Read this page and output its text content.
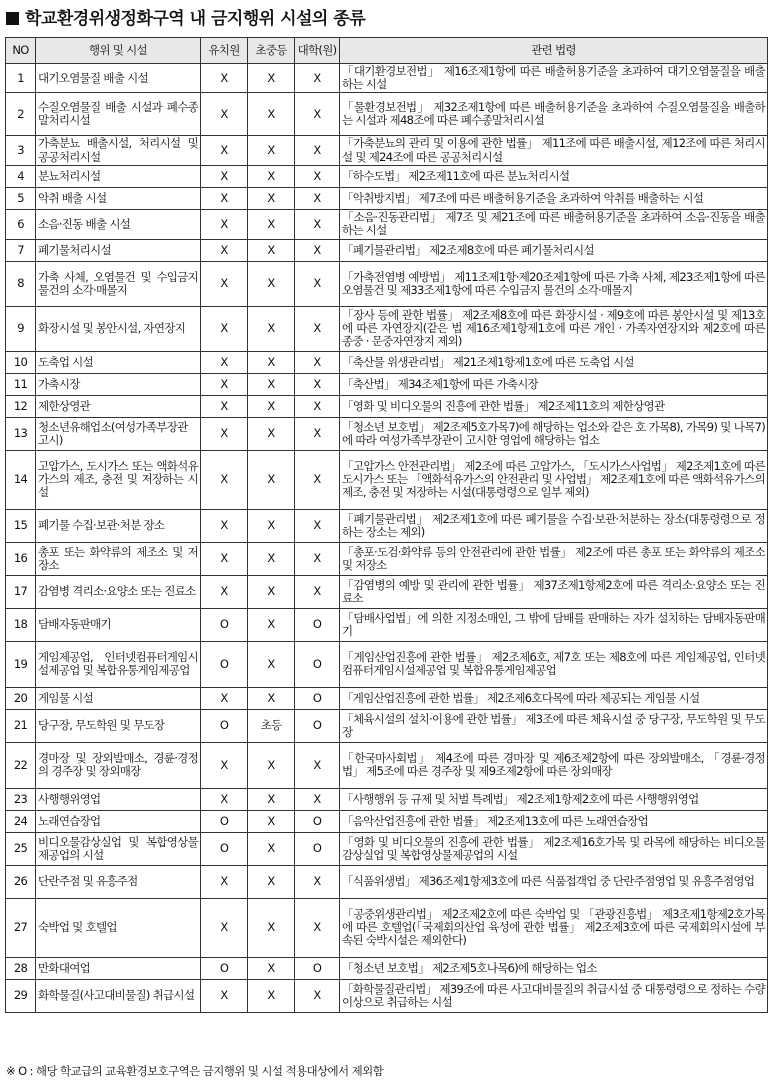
학교환경위생정화구역 내 금지행위 시설의 종류
NO	행위 및 시설	유치원	초중등	대학(원)	관련 법령
1	대기오염물질 배출 시설	X	X	X	「대기환경보전법」 제16조제1항에 따른 배출허용기준을 초과하여 대기오염물질을 배출하는 시설
2	수질오염물질 배출 시설과 폐수종말처리시설	X	X	X	「물환경보전법」 제32조제1항에 따른 배출허용기준을 초과하여 수질오염물질을 배출하는 시설과 제48조에 따른 폐수종말처리시설
3	가축분뇨 배출시설, 처리시설 및 공공처리시설	X	X	X	「가축분뇨의 관리 및 이용에 관한 법률」 제11조에 따른 배출시설, 제12조에 따른 처리시설 및 제24조에 따른 공공처리시설
4	분뇨처리시설	X	X	X	「하수도법」 제2조제11호에 따른 분뇨처리시설
5	악취 배출 시설	X	X	X	「악취방지법」 제7조에 따른 배출허용기준을 초과하여 악취를 배출하는 시설
6	소음·진동 배출 시설	X	X	X	「소음·진동관리법」 제7조 및 제21조에 따른 배출허용기준을 초과하여 소음·진동을 배출하는 시설
7	폐기물처리시설	X	X	X	「폐기물관리법」 제2조제8호에 따른 폐기물처리시설
8	가축 사체, 오염물건 및 수입금지 물건의 소각·매몰지	X	X	X	「가축전염병 예방법」 제11조제1항·제20조제1항에 따른 가축 사체, 제23조제1항에 따른 오염물건 및 제33조제1항에 따른 수입금지 물건의 소각·매몰지
9	화장시설 및 봉안시설, 자연장지	X	X	X	「장사 등에 관한 법률」 제2조제8호에 따른 화장시설 · 제9호에 따른 봉안시설 및 제13호에 따른 자연장지(같은 법 제16조제1항제1호에 따른 개인 · 가족자연장지와 제2호에 따른 종중 · 문중자연장지 제외)
10	도축업 시설	X	X	X	「축산물 위생관리법」 제21조제1항제1호에 따른 도축업 시설
11	가축시장	X	X	X	「축산법」 제34조제1항에 따른 가축시장
12	제한상영관	X	X	X	「영화 및 비디오물의 진흥에 관한 법률」 제2조제11호의 제한상영관
13	청소년유해업소(여성가족부장관 고시)	X	X	X	「청소년 보호법」 제2조제5호가목7)에 해당하는 업소와 같은 호 가목8), 가목9) 및 나목7)에 따라 여성가족부장관이 고시한 영업에 해당하는 업소
14	고압가스, 도시가스 또는 액화석유가스의 제조, 충전 및 저장하는 시설	X	X	X	「고압가스 안전관리법」 제2조에 따른 고압가스, 「도시가스사업법」 제2조제1호에 따른 도시가스 또는 「액화석유가스의 안전관리 및 사업법」 제2조제1호에 따른 액화석유가스의 제조, 충전 및 저장하는 시설(대통령령으로 일부 제외)
15	폐기물 수집·보관·처분 장소	X	X	X	「폐기물관리법」 제2조제1호에 따른 폐기물을 수집·보관·처분하는 장소(대통령령으로 정하는 장소는 제외)
16	총포 또는 화약류의 제조소 및 저장소	X	X	X	「총포·도검·화약류 등의 안전관리에 관한 법률」 제2조에 따른 총포 또는 화약류의 제조소 및 저장소
17	감염병 격리소·요양소 또는 진료소	X	X	X	「감염병의 예방 및 관리에 관한 법률」 제37조제1항제2호에 따른 격리소·요양소 또는 진료소
18	담배자동판매기	O	X	O	「담배사업법」에 의한 지정소매인, 그 밖에 담배를 판매하는 자가 설치하는 담배자동판매기
19	게임제공업, 인터넷컴퓨터게임시설제공업 및 복합유통게임제공업	O	X	O	「게임산업진흥에 관한 법률」 제2조제6호, 제7호 또는 제8호에 따른 게임제공업, 인터넷컴퓨터게임시설제공업 및 복합유통게임제공업
20	게임물 시설	X	X	O	「게임산업진흥에 관한 법률」 제2조제6호다목에 따라 제공되는 게임물 시설
21	당구장, 무도학원 및 무도장	O	초등	O	「체육시설의 설치·이용에 관한 법률」 제3조에 따른 체육시설 중 당구장, 무도학원 및 무도장
22	경마장 및 장외발매소, 경륜·경정의 경주장 및 장외매장	X	X	X	「한국마사회법」 제4조에 따른 경마장 및 제6조제2항에 따른 장외발매소, 「경륜·경정법」 제5조에 따른 경주장 및 제9조제2항에 따른 장외매장
23	사행행위영업	X	X	X	「사행행위 등 규제 및 처벌 특례법」 제2조제1항제2호에 따른 사행행위영업
24	노래연습장업	O	X	O	「음악산업진흥에 관한 법률」 제2조제13호에 따른 노래연습장업
25	비디오물감상실업 및 복합영상물제공업의 시설	O	X	O	「영화 및 비디오물의 진흥에 관한 법률」 제2조제16호가목 및 라목에 해당하는 비디오물감상실업 및 복합영상물제공업의 시설
26	단란주점 및 유흥주점	X	X	X	「식품위생법」 제36조제1항제3호에 따른 식품접객업 중 단란주점영업 및 유흥주점영업
27	숙박업 및 호텔업	X	X	X	「공중위생관리법」 제2조제2호에 따른 숙박업 및 「관광진흥법」 제3조제1항제2호가목에 따른 호텔업(「국제회의산업 육성에 관한 법률」 제2조제3호에 따른 국제회의시설에 부속된 숙박시설은 제외한다)
28	만화대여업	O	X	O	「청소년 보호법」 제2조제5호나목6)에 해당하는 업소
29	화학물질(사고대비물질) 취급시설	X	X	X	「화학물질관리법」 제39조에 따른 사고대비물질의 취급시설 중 대통령령으로 정하는 수량 이상으로 취급하는 시설
※ O : 해당 학교급의 교육환경보호구역은 금지행위 및 시설 적용대상에서 제외함
